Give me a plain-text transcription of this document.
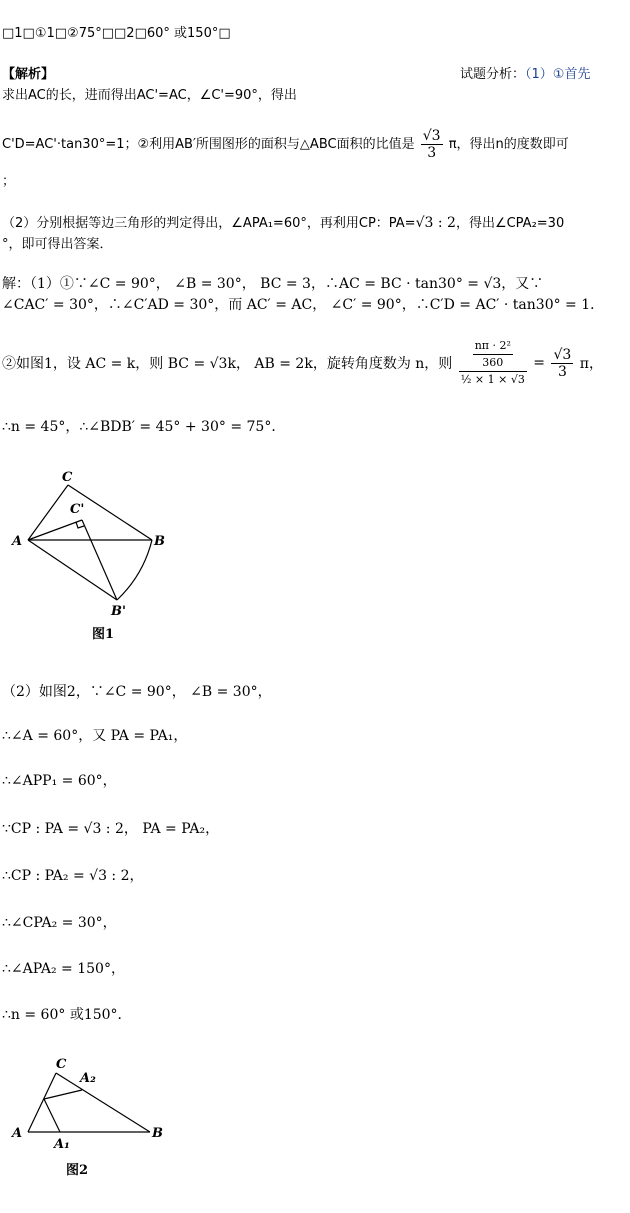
□1□①1□②75°□□2□60° 或150°□
【解析】	试题分析：（1）①首先
求出AC的长，进而得出AC'=AC，∠C'=90°，得出
C'D=AC'·tan30°=1；②利用AB′所围图形的面积与△ABC面积的比值是 $\frac{√3}{3}$ π，得出n的度数即可
；
（2）分别根据等边三角形的判定得出，∠APA₁=60°，再利用CP：PA=√3 : 2，得出∠CPA₂=30
°，即可得出答案．
解：（1）①∵∠C = 90°， ∠B = 30°， BC = 3，∴AC = BC · tan30° = √3，又∵
∠CAC′ = 30°，∴∠C′AD = 30°，而 AC′ = AC， ∠C′ = 90°，∴C′D = AC′ · tan30° = 1．
②如图1，设 AC = k，则 BC = √3k， AB = 2k，旋转角度数为 n，则 $\frac{\frac{\text{nπ · 2²}}{360}}{\text{½ × 1 × √3}} = \frac{√3}{3}$ π，
∴n = 45°，∴∠BDB′ = 45° + 30° = 75°．
C
C'
A	B
B'
图1
（2）如图2，∵∠C = 90°， ∠B = 30°，
∴∠A = 60°，又 PA = PA₁，
∴∠APP₁ = 60°，
∵CP : PA = √3 : 2， PA = PA₂，
∴CP : PA₂ = √3 : 2，
∴∠CPA₂ = 30°，
∴∠APA₂ = 150°，
∴n = 60° 或150°．
C
A₂
A
A₁
B
图2
